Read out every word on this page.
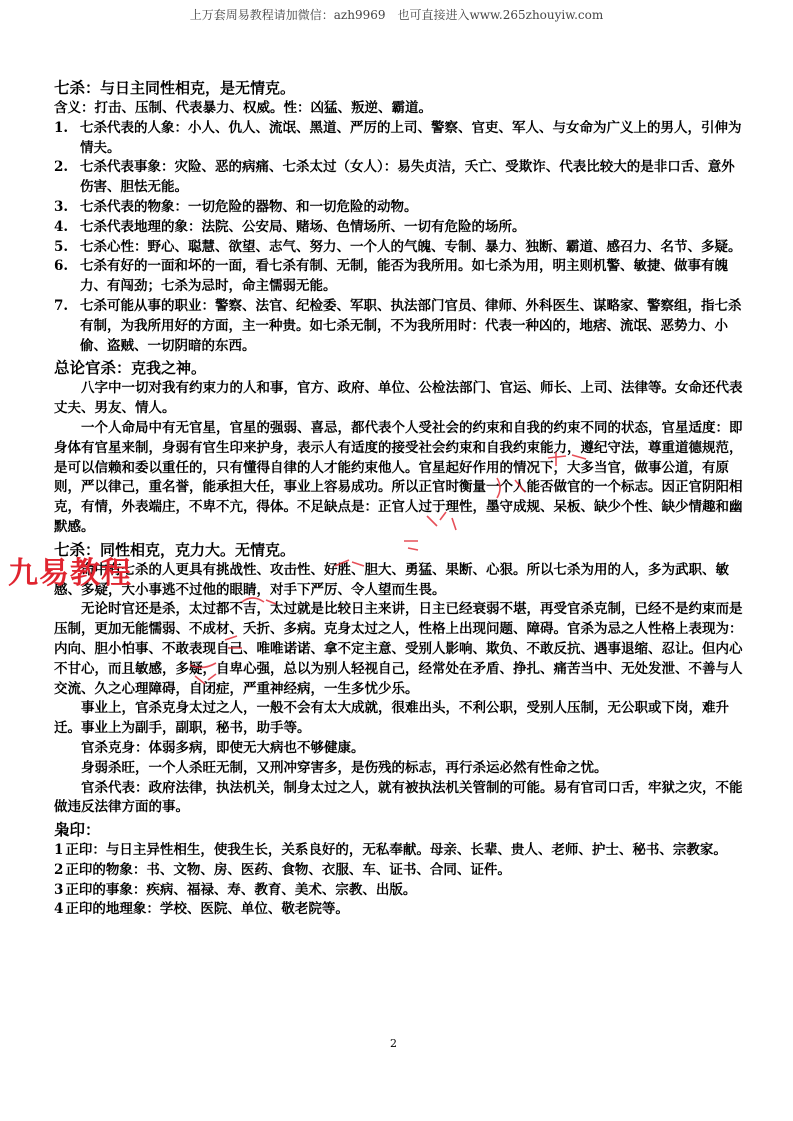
上万套周易教程请加微信：azh9969　也可直接进入www.265zhouyiw.com

七杀：与日主同性相克，是无情克。

含义：打击、压制、代表暴力、权威。性：凶猛、叛逆、霸道。

1. 七杀代表的人象：小人、仇人、流氓、黑道、严厉的上司、警察、官吏、军人、与女命为广义上的男人，引伸为情夫。
2. 七杀代表事象：灾险、恶的病痛、七杀太过（女人）：易失贞洁，夭亡、受欺诈、代表比较大的是非口舌、意外伤害、胆怯无能。
3. 七杀代表的物象：一切危险的器物、和一切危险的动物。
4. 七杀代表地理的象：法院、公安局、赌场、色情场所、一切有危险的场所。
5. 七杀心性：野心、聪慧、欲望、志气、努力、一个人的气魄、专制、暴力、独断、霸道、感召力、名节、多疑。
6. 七杀有好的一面和坏的一面，看七杀有制、无制，能否为我所用。如七杀为用，明主则机警、敏捷、做事有魄力、有闯劲；七杀为忌时，命主懦弱无能。
7. 七杀可能从事的职业：警察、法官、纪检委、军职、执法部门官员、律师、外科医生、谋略家、警察组，指七杀有制，为我所用好的方面，主一种贵。如七杀无制，不为我所用时：代表一种凶的，地痞、流氓、恶势力、小偷、盗贼、一切阴暗的东西。

总论官杀：克我之神。

八字中一切对我有约束力的人和事，官方、政府、单位、公检法部门、官运、师长、上司、法律等。女命还代表丈夫、男友、情人。

一个人命局中有无官星，官星的强弱、喜忌，都代表个人受社会的约束和自我的约束不同的状态，官星适度：即身体有官星来制，身弱有官生印来护身，表示人有适度的接受社会约束和自我约束能力，遵纪守法，尊重道德规范，是可以信赖和委以重任的，只有懂得自律的人才能约束他人。官星起好作用的情况下，大多当官，做事公道，有原则，严以律己，重名誉，能承担大任，事业上容易成功。所以正官时衡量一个人能否做官的一个标志。因正官阴阳相克，有情，外表端庄，不卑不亢，得体。不足缺点是：正官人过于理性，墨守成规、呆板、缺少个性、缺少情趣和幽默感。

七杀：同性相克，克力大。无情克。

命中有七杀的人更具有挑战性、攻击性、好胜、胆大、勇猛、果断、心狠。所以七杀为用的人，多为武职、敏感、多疑，大小事逃不过他的眼睛，对手下严厉、令人望而生畏。

无论时官还是杀，太过都不吉，太过就是比较日主来讲，日主已经衰弱不堪，再受官杀克制，已经不是约束而是压制，更加无能懦弱、不成材、夭折、多病。克身太过之人，性格上出现问题、障碍。官杀为忌之人性格上表现为：内向、胆小怕事、不敢表现自己、唯唯诺诺、拿不定主意、受别人影响、欺负、不敢反抗、遇事退缩、忍让。但内心不甘心，而且敏感，多疑，自卑心强，总以为别人轻视自己，经常处在矛盾、挣扎、痛苦当中、无处发泄、不善与人交流、久之心理障碍，自闭症，严重神经病，一生多忧少乐。

事业上，官杀克身太过之人，一般不会有太大成就，很难出头，不利公职，受别人压制，无公职或下岗，难升迁。事业上为副手，副职，秘书，助手等。

官杀克身：体弱多病，即使无大病也不够健康。

身弱杀旺，一个人杀旺无制，又刑冲穿害多，是伤残的标志，再行杀运必然有性命之忧。

官杀代表：政府法律，执法机关，制身太过之人，就有被执法机关管制的可能。易有官司口舌，牢狱之灾，不能做违反法律方面的事。

枭印：

1 正印：与日主异性相生，使我生长，关系良好的，无私奉献。母亲、长辈、贵人、老师、护士、秘书、宗教家。
2 正印的物象：书、文物、房、医药、食物、衣服、车、证书、合同、证件。
3 正印的事象：疾病、福禄、寿、教育、美术、宗教、出版。
4 正印的地理象：学校、医院、单位、敬老院等。
九易教程
2
